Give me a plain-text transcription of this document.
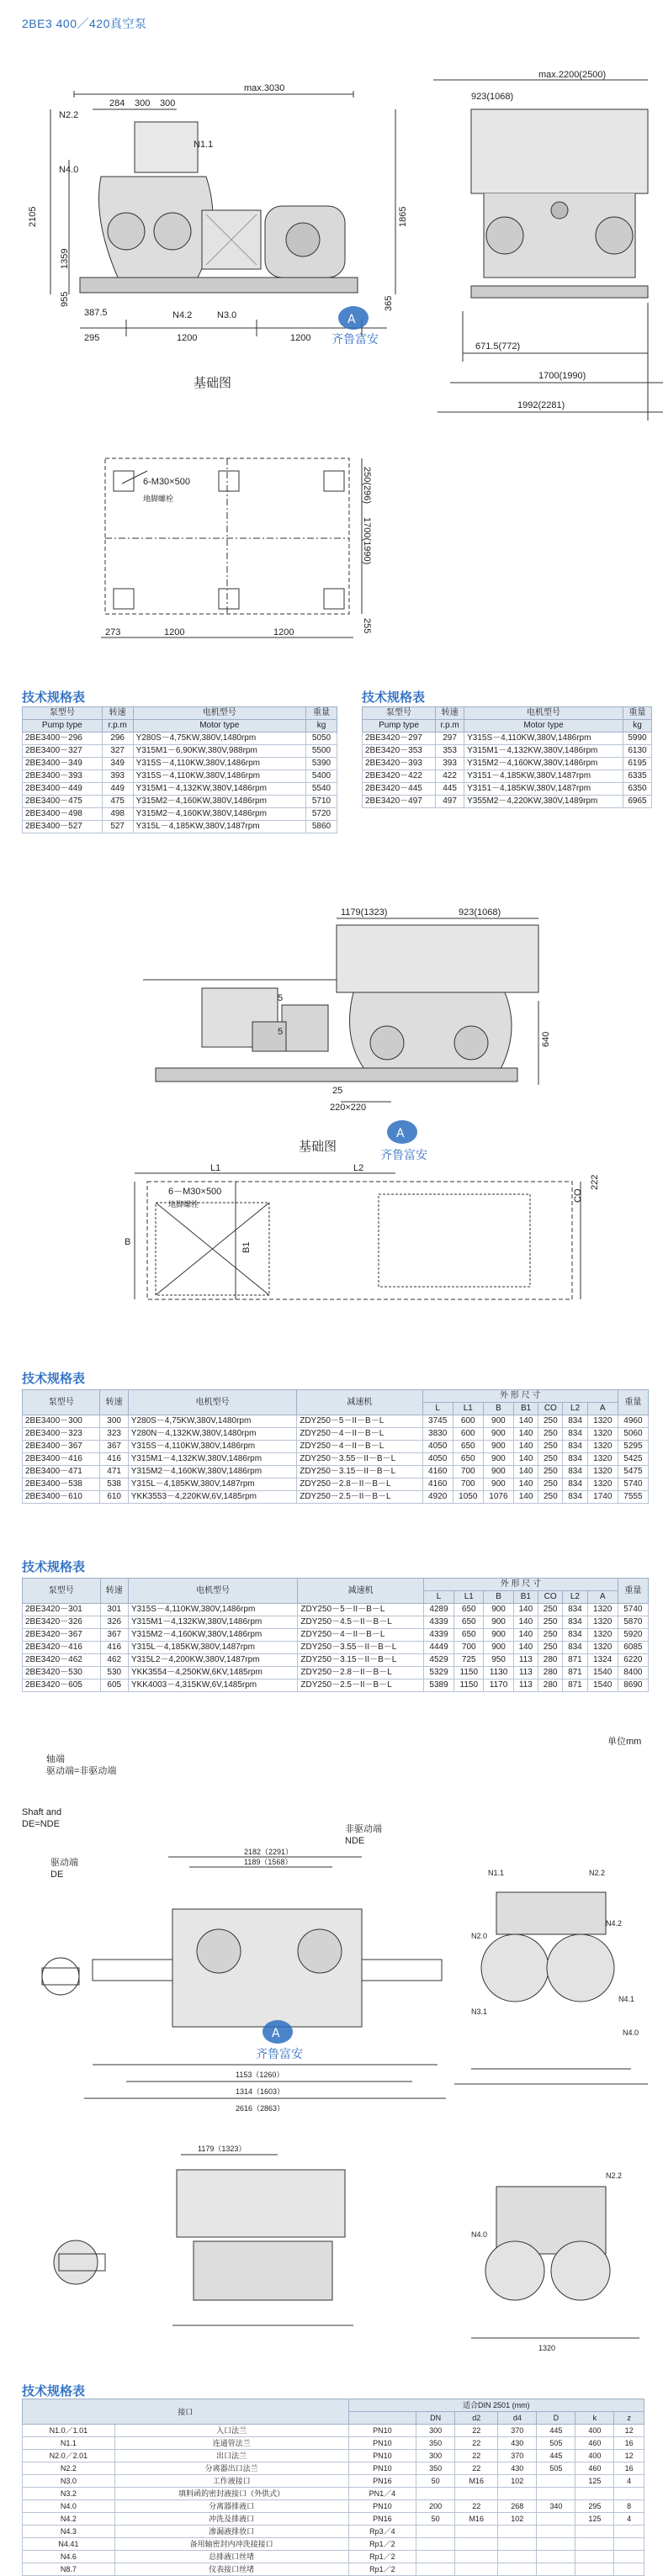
2BE3 400／420真空泵
max.3030
284 300 300
N2.2
N1.1
N4.0
2105
1359
955
387.5	N4.2	N3.0
295	1200	1200
1865
365
max.2200(2500)
923(1068)
671.5(772)
1700(1990)
1992(2281)
基础图
250(296)
6-M30×500
地脚螺栓
1700(1990)
273	1200	1200	255
1179(1323)	923(1068)
5
5	640
220×220
25
基础图
L1	L2
6－M30×500
地脚螺栓
B	B1
CO
222
2182（2291）
1189（1568）
1153（1260）
1314（1603）
2616（2863）
N1.1	N2.2
N4.2
N4.1
N3.1
N2.0
N4.0
1179（1323）
1320
N2.2
N4.0
A
齐鲁富安
A
齐鲁富安
A
齐鲁富安
技术规格表
泵型号	转速	电机型号	重量
Pump type	r.p.m	Motor type	kg
2BE3400－296	296	Y280S－4,75KW,380V,1480rpm	5050
2BE3400－327	327	Y315M1－6,90KW,380V,988rpm	5500
2BE3400－349	349	Y315S－4,110KW,380V,1486rpm	5390
2BE3400－393	393	Y315S－4,110KW,380V,1486rpm	5400
2BE3400－449	449	Y315M1－4,132KW,380V,1486rpm	5540
2BE3400－475	475	Y315M2－4,160KW,380V,1486rpm	5710
2BE3400－498	498	Y315M2－4,160KW,380V,1486rpm	5720
2BE3400－527	527	Y315L－4,185KW,380V,1487rpm	5860
技术规格表
泵型号	转速	电机型号	重量
Pump type	r.p.m	Motor type	kg
2BE3420－297	297	Y315S－4,110KW,380V,1486rpm	5990
2BE3420－353	353	Y315M1－4,132KW,380V,1486rpm	6130
2BE3420－393	393	Y315M2－4,160KW,380V,1486rpm	6195
2BE3420－422	422	Y3151－4,185KW,380V,1487rpm	6335
2BE3420－445	445	Y3151－4,185KW,380V,1487rpm	6350
2BE3420－497	497	Y355M2－4,220KW,380V,1489rpm	6965
技术规格表
泵型号	转速	电机型号	减速机	外 形 尺 寸							重量
				L	L1	B	B1	CO	L2	A	
2BE3400－300	300	Y280S－4,75KW,380V,1480rpm	ZDY250－5－II－B－L	3745	600	900	140	250	834	1320	4960
2BE3400－323	323	Y280N－4,132KW,380V,1480rpm	ZDY250－4－II－B－L	3830	600	900	140	250	834	1320	5060
2BE3400－367	367	Y315S－4,110KW,380V,1486rpm	ZDY250－4－II－B－L	4050	650	900	140	250	834	1320	5295
2BE3400－416	416	Y315M1－4,132KW,380V,1486rpm	ZDY250－3.55－II－B－L	4050	650	900	140	250	834	1320	5425
2BE3400－471	471	Y315M2－4,160KW,380V,1486rpm	ZDY250－3.15－II－B－L	4160	700	900	140	250	834	1320	5475
2BE3400－538	538	Y315L－4,185KW,380V,1487rpm	ZDY250－2.8－II－B－L	4160	700	900	140	250	834	1320	5740
2BE3400－610	610	YKK3553－4,220KW,6V,1485rpm	ZDY250－2.5－II－B－L	4920	1050	1076	140	250	834	1740	7555
技术规格表
泵型号	转速	电机型号	减速机	外 形 尺 寸							重量
				L	L1	B	B1	CO	L2	A	
2BE3420－301	301	Y315S－4,110KW,380V,1486rpm	ZDY250－5－II－B－L	4289	650	900	140	250	834	1320	5740
2BE3420－326	326	Y315M1－4,132KW,380V,1486rpm	ZDY250－4.5－II－B－L	4339	650	900	140	250	834	1320	5870
2BE3420－367	367	Y315M2－4,160KW,380V,1486rpm	ZDY250－4－II－B－L	4339	650	900	140	250	834	1320	5920
2BE3420－416	416	Y315L－4,185KW,380V,1487rpm	ZDY250－3.55－II－B－L	4449	700	900	140	250	834	1320	6085
2BE3420－462	462	Y315L2－4,200KW,380V,1487rpm	ZDY250－3.15－II－B－L	4529	725	950	113	280	871	1324	6220
2BE3420－530	530	YKK3554－4,250KW,6KV,1485rpm	ZDY250－2.8－II－B－L	5329	1150	1130	113	280	871	1540	8400
2BE3420－605	605	YKK4003－4,315KW,6V,1485rpm	ZDY250－2.5－II－B－L	5389	1150	1170	113	280	871	1540	8690
单位mm
轴端
驱动端=非驱动端
Shaft and
DE=NDE
驱动端
DE
非驱动端
NDE
技术规格表
接口		适合DIN 2501 (mm)						
			DN	d2	d4	D	k	z
N1.0／1.01	入口法兰	PN10	300	22	370	445	400	12
N1.1	连通管法兰	PN10	350	22	430	505	460	16
N2.0／2.01	出口法兰	PN10	300	22	370	445	400	12
N2.2	分离器出口法兰	PN10	350	22	430	505	460	16
N3.0	工作液接口	PN16	50	M16	102		125	4
N3.2	填料函的密封液接口（外供式）	PN1／4						
N4.0	分离器排液口	PN10	200	22	268	340	295	8
N4.2	冲洗及排液口	PN16	50	M16	102		125	4
N4.3	渗漏液排放口	Rp3／4						
N4.41	备用轴密封内冲洗接接口	Rp1／2						
N4.6	总排液口丝堵	Rp1／2						
N8.7	仪表接口丝堵	Rp1／2						
